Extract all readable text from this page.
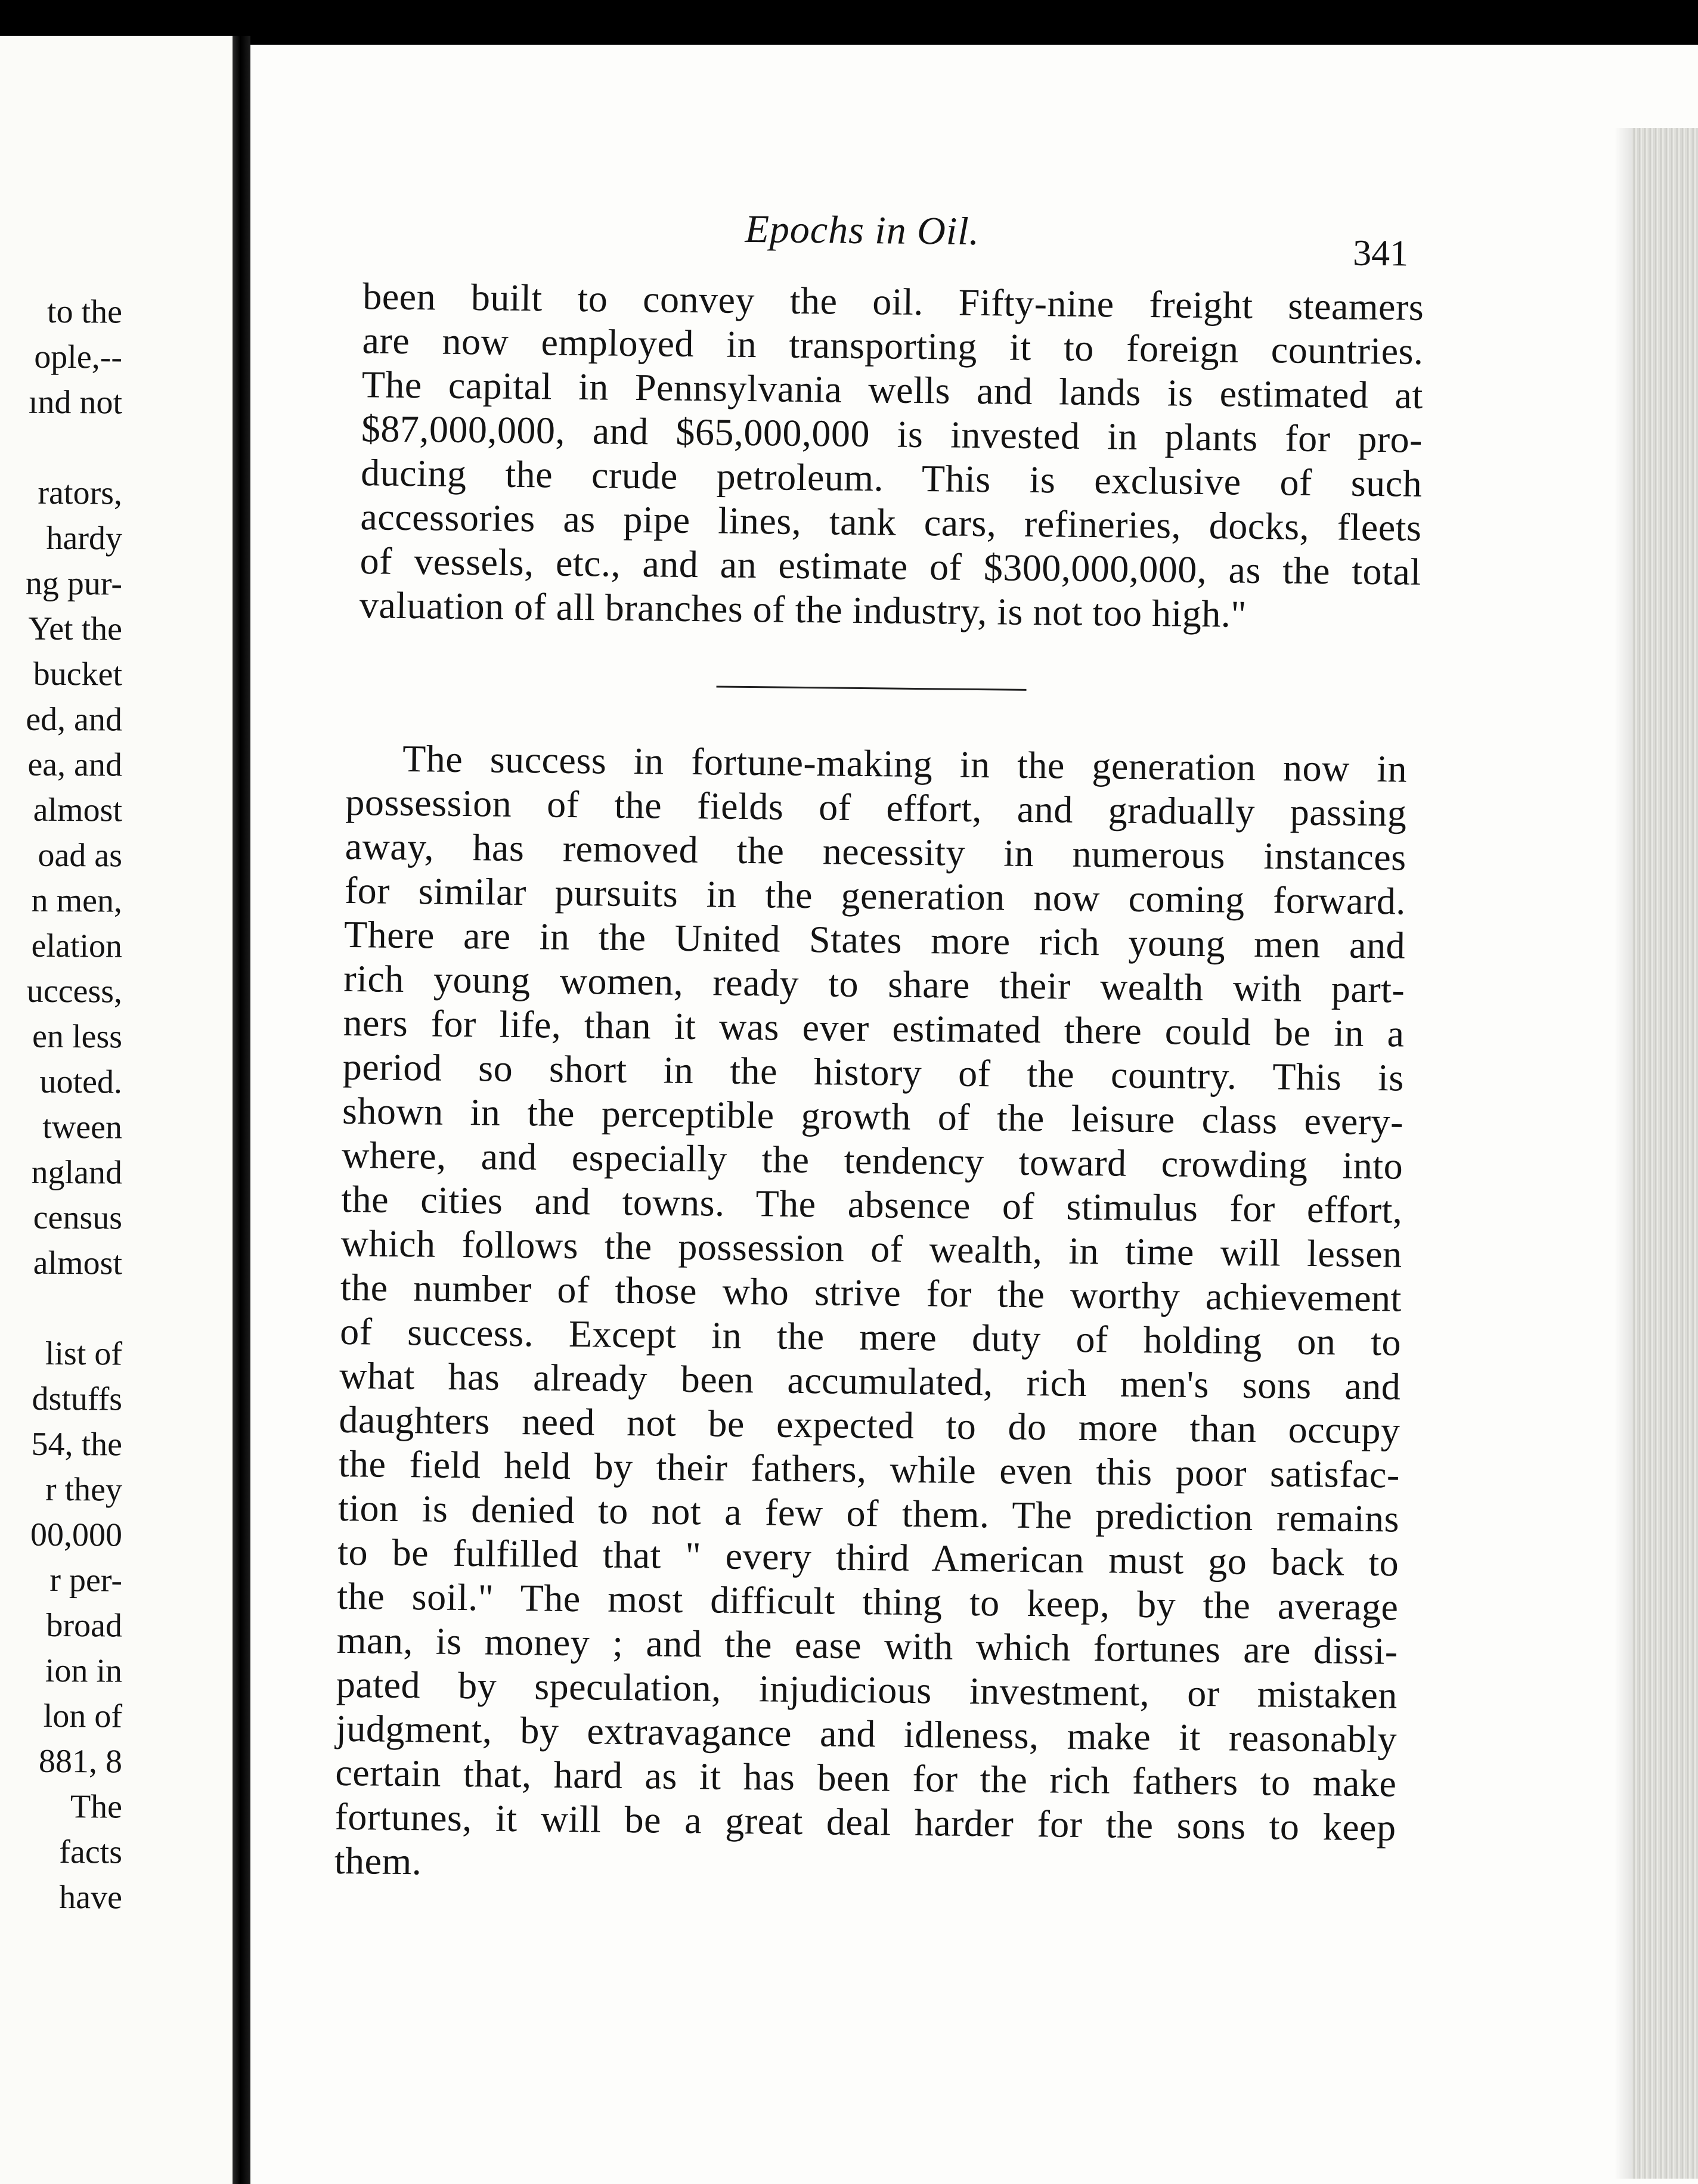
to the
ople,--
ınd not
rators,
hardy
ng pur-
Yet the
bucket
ed, and
ea, and
almost
oad as
n men,
elation
uccess,
en less
uoted.
tween
ngland
census
almost
list of
dstuffs
54, the
r they
00,000
r per-
broad
ion in
lon of
881, 8
The
facts
have
Epochs in Oil.
341
been built to convey the oil. Fifty-nine freight steamers
are now employed in transporting it to foreign countries.
The capital in Pennsylvania wells and lands is estimated at
$87,000,000, and $65,000,000 is invested in plants for pro-
ducing the crude petroleum. This is exclusive of such
accessories as pipe lines, tank cars, refineries, docks, fleets
of vessels, etc., and an estimate of $300,000,000, as the total
valuation of all branches of the industry, is not too high."
The success in fortune-making in the generation now in
possession of the fields of effort, and gradually passing
away, has removed the necessity in numerous instances
for similar pursuits in the generation now coming forward.
There are in the United States more rich young men and
rich young women, ready to share their wealth with part-
ners for life, than it was ever estimated there could be in a
period so short in the history of the country. This is
shown in the perceptible growth of the leisure class every-
where, and especially the tendency toward crowding into
the cities and towns. The absence of stimulus for effort,
which follows the possession of wealth, in time will lessen
the number of those who strive for the worthy achievement
of success. Except in the mere duty of holding on to
what has already been accumulated, rich men's sons and
daughters need not be expected to do more than occupy
the field held by their fathers, while even this poor satisfac-
tion is denied to not a few of them. The prediction remains
to be fulfilled that " every third American must go back to
the soil." The most difficult thing to keep, by the average
man, is money ; and the ease with which fortunes are dissi-
pated by speculation, injudicious investment, or mistaken
judgment, by extravagance and idleness, make it reasonably
certain that, hard as it has been for the rich fathers to make
fortunes, it will be a great deal harder for the sons to keep
them.
